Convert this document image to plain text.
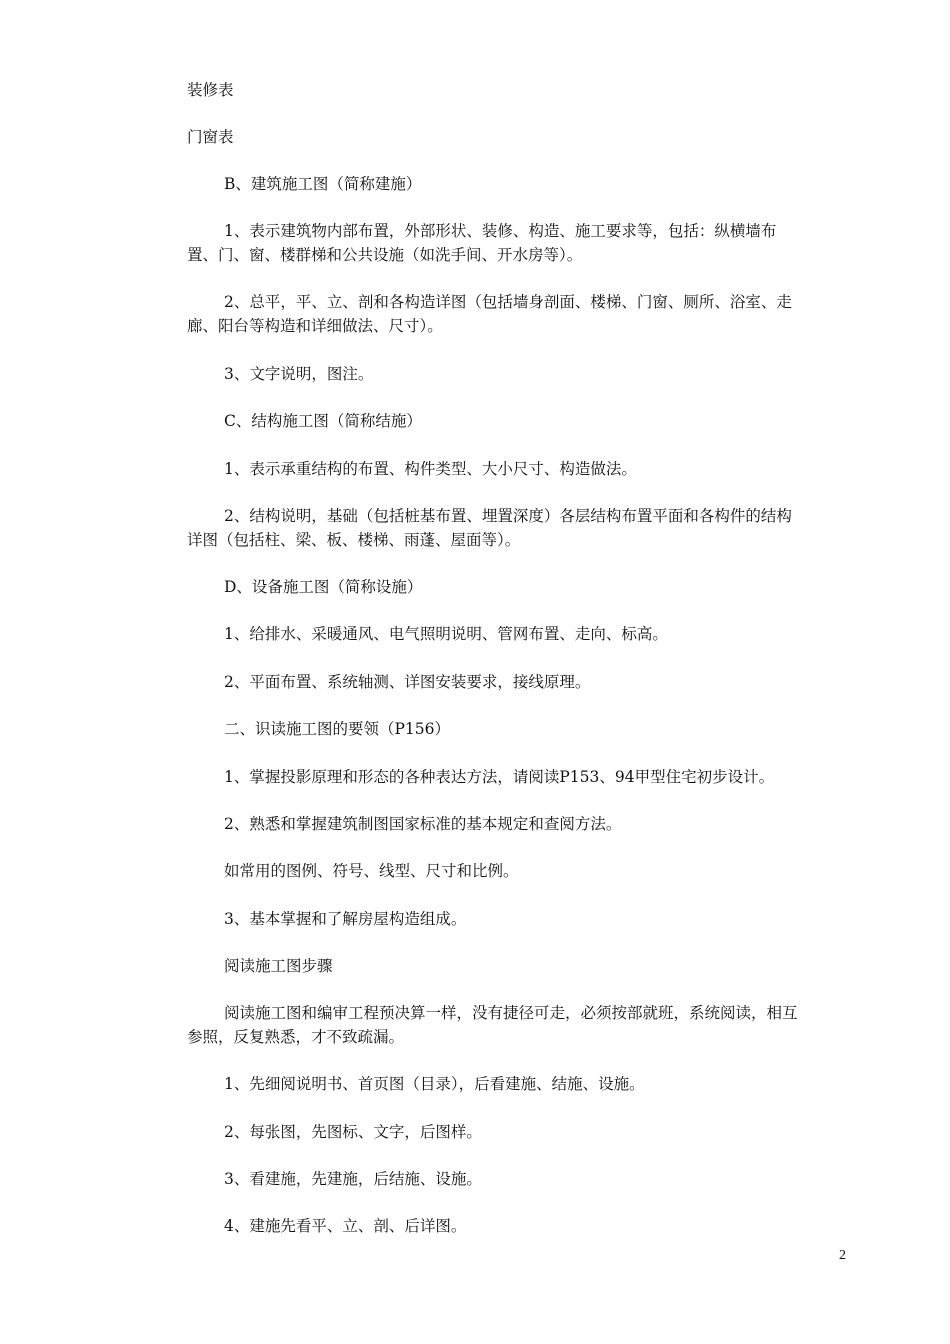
装修表

门窗表

B、建筑施工图（简称建施）

1、表示建筑物内部布置，外部形状、装修、构造、施工要求等，包括：纵横墙布置、门、窗、楼群梯和公共设施（如洗手间、开水房等）。

2、总平，平、立、剖和各构造详图（包括墙身剖面、楼梯、门窗、厕所、浴室、走廊、阳台等构造和详细做法、尺寸）。

3、文字说明，图注。

C、结构施工图（简称结施）

1、表示承重结构的布置、构件类型、大小尺寸、构造做法。

2、结构说明，基础（包括桩基布置、埋置深度）各层结构布置平面和各构件的结构详图（包括柱、梁、板、楼梯、雨蓬、屋面等）。

D、设备施工图（简称设施）

1、给排水、采暖通风、电气照明说明、管网布置、走向、标高。

2、平面布置、系统轴测、详图安装要求，接线原理。

二、识读施工图的要领（P156）

1、掌握投影原理和形态的各种表达方法，请阅读P153、94甲型住宅初步设计。

2、熟悉和掌握建筑制图国家标准的基本规定和查阅方法。

如常用的图例、符号、线型、尺寸和比例。

3、基本掌握和了解房屋构造组成。

阅读施工图步骤

阅读施工图和编审工程预决算一样，没有捷径可走，必须按部就班，系统阅读，相互参照，反复熟悉，才不致疏漏。

1、先细阅说明书、首页图（目录），后看建施、结施、设施。

2、每张图，先图标、文字，后图样。

3、看建施，先建施，后结施、设施。

4、建施先看平、立、剖、后详图。

2
